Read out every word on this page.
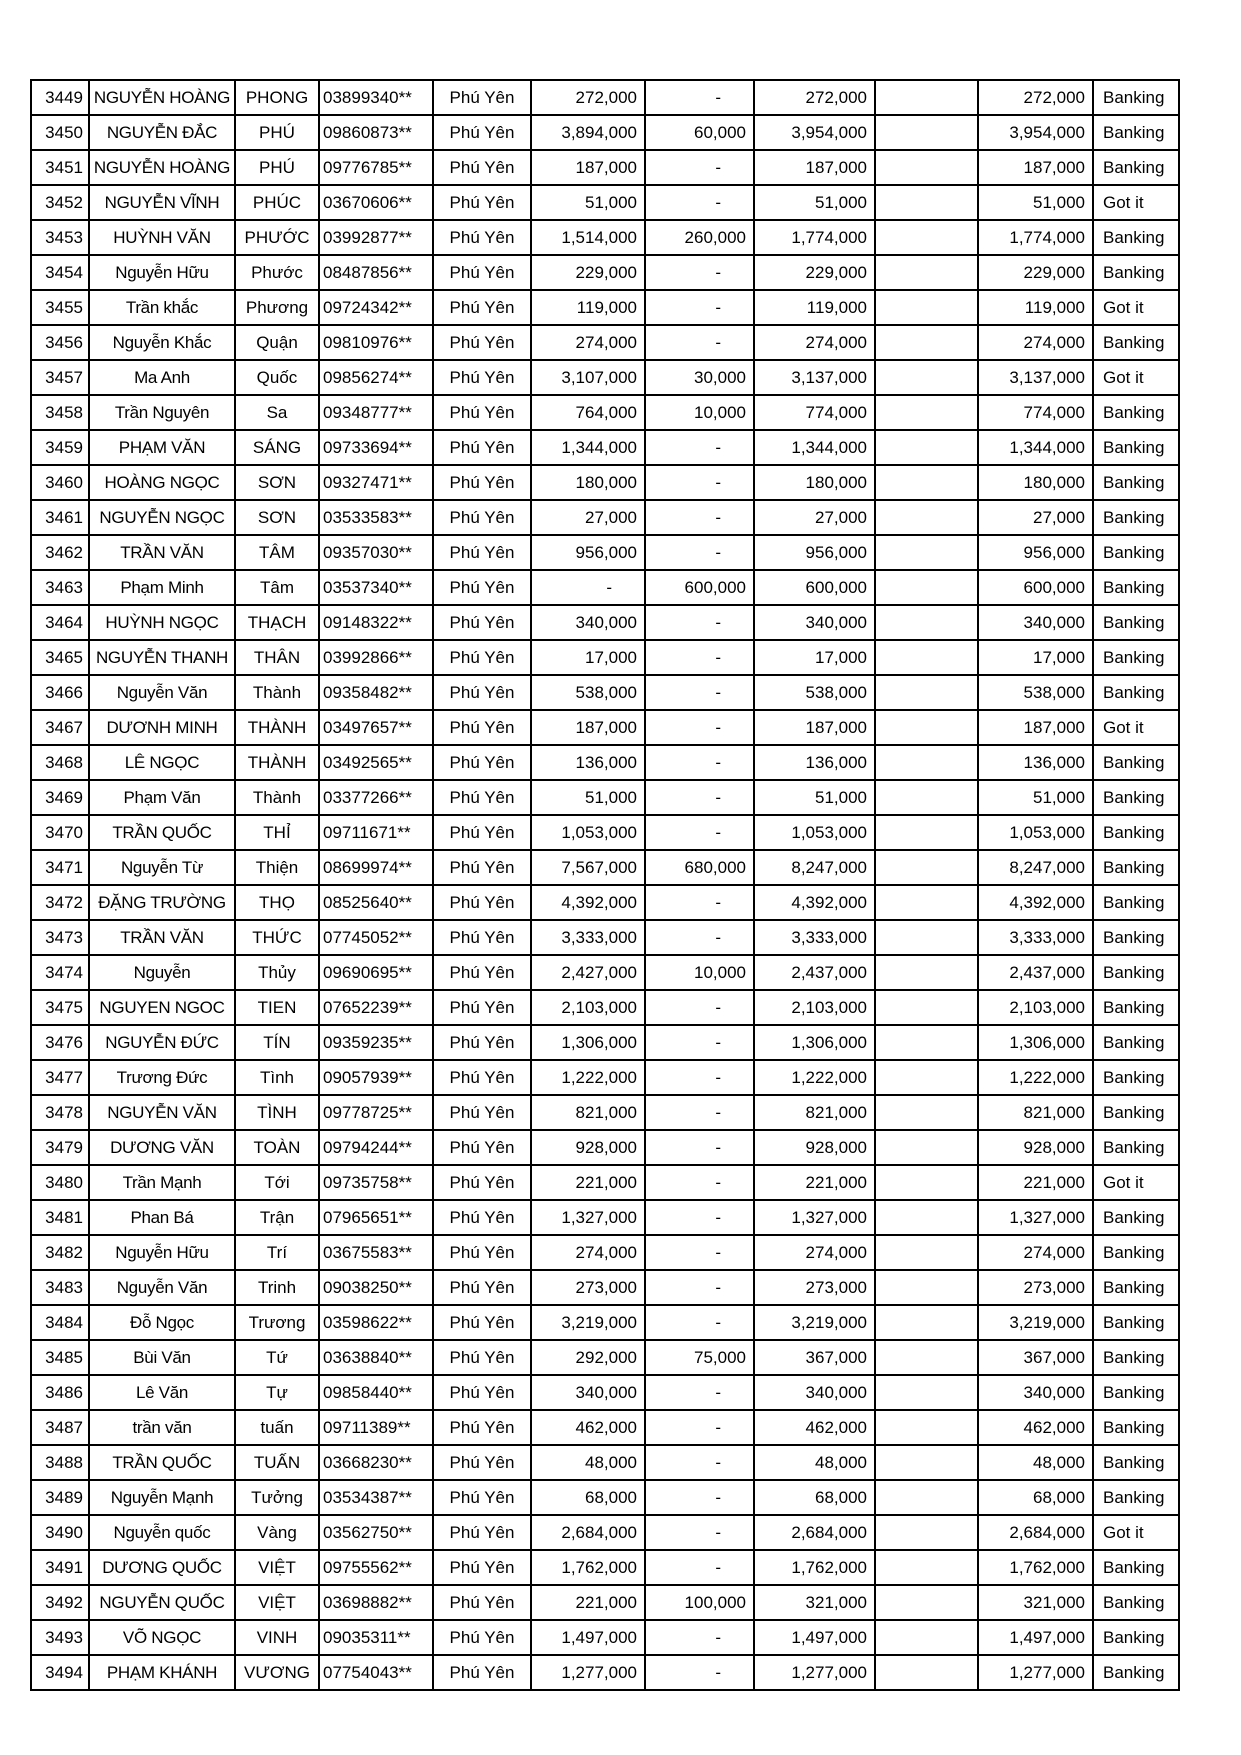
3449	NGUYỄN HOÀNG	PHONG	03899340**	Phú Yên	272,000	-	272,000		272,000	Banking
3450	NGUYỄN ĐẮC	PHÚ	09860873**	Phú Yên	3,894,000	60,000	3,954,000		3,954,000	Banking
3451	NGUYỄN HOÀNG	PHÚ	09776785**	Phú Yên	187,000	-	187,000		187,000	Banking
3452	NGUYỄN VĨNH	PHÚC	03670606**	Phú Yên	51,000	-	51,000		51,000	Got it
3453	HUỲNH VĂN	PHƯỚC	03992877**	Phú Yên	1,514,000	260,000	1,774,000		1,774,000	Banking
3454	Nguyễn Hữu	Phước	08487856**	Phú Yên	229,000	-	229,000		229,000	Banking
3455	Trần khắc	Phương	09724342**	Phú Yên	119,000	-	119,000		119,000	Got it
3456	Nguyễn Khắc	Quận	09810976**	Phú Yên	274,000	-	274,000		274,000	Banking
3457	Ma Anh	Quốc	09856274**	Phú Yên	3,107,000	30,000	3,137,000		3,137,000	Got it
3458	Trần Nguyên	Sa	09348777**	Phú Yên	764,000	10,000	774,000		774,000	Banking
3459	PHẠM VĂN	SÁNG	09733694**	Phú Yên	1,344,000	-	1,344,000		1,344,000	Banking
3460	HOÀNG NGỌC	SƠN	09327471**	Phú Yên	180,000	-	180,000		180,000	Banking
3461	NGUYỄN NGỌC	SƠN	03533583**	Phú Yên	27,000	-	27,000		27,000	Banking
3462	TRẦN VĂN	TÂM	09357030**	Phú Yên	956,000	-	956,000		956,000	Banking
3463	Phạm Minh	Tâm	03537340**	Phú Yên	-	600,000	600,000		600,000	Banking
3464	HUỲNH NGỌC	THẠCH	09148322**	Phú Yên	340,000	-	340,000		340,000	Banking
3465	NGUYỄN THANH	THÂN	03992866**	Phú Yên	17,000	-	17,000		17,000	Banking
3466	Nguyễn Văn	Thành	09358482**	Phú Yên	538,000	-	538,000		538,000	Banking
3467	DƯƠNH MINH	THÀNH	03497657**	Phú Yên	187,000	-	187,000		187,000	Got it
3468	LÊ NGỌC	THÀNH	03492565**	Phú Yên	136,000	-	136,000		136,000	Banking
3469	Phạm Văn	Thành	03377266**	Phú Yên	51,000	-	51,000		51,000	Banking
3470	TRẦN QUỐC	THỈ	09711671**	Phú Yên	1,053,000	-	1,053,000		1,053,000	Banking
3471	Nguyễn Từ	Thiện	08699974**	Phú Yên	7,567,000	680,000	8,247,000		8,247,000	Banking
3472	ĐẶNG TRƯỜNG	THỌ	08525640**	Phú Yên	4,392,000	-	4,392,000		4,392,000	Banking
3473	TRẦN VĂN	THỨC	07745052**	Phú Yên	3,333,000	-	3,333,000		3,333,000	Banking
3474	Nguyễn	Thủy	09690695**	Phú Yên	2,427,000	10,000	2,437,000		2,437,000	Banking
3475	NGUYEN NGOC	TIEN	07652239**	Phú Yên	2,103,000	-	2,103,000		2,103,000	Banking
3476	NGUYỄN ĐỨC	TÍN	09359235**	Phú Yên	1,306,000	-	1,306,000		1,306,000	Banking
3477	Trương Đức	Tình	09057939**	Phú Yên	1,222,000	-	1,222,000		1,222,000	Banking
3478	NGUYỄN VĂN	TÌNH	09778725**	Phú Yên	821,000	-	821,000		821,000	Banking
3479	DƯƠNG VĂN	TOÀN	09794244**	Phú Yên	928,000	-	928,000		928,000	Banking
3480	Trần Mạnh	Tới	09735758**	Phú Yên	221,000	-	221,000		221,000	Got it
3481	Phan Bá	Trận	07965651**	Phú Yên	1,327,000	-	1,327,000		1,327,000	Banking
3482	Nguyễn Hữu	Trí	03675583**	Phú Yên	274,000	-	274,000		274,000	Banking
3483	Nguyễn Văn	Trinh	09038250**	Phú Yên	273,000	-	273,000		273,000	Banking
3484	Đỗ Ngọc	Trương	03598622**	Phú Yên	3,219,000	-	3,219,000		3,219,000	Banking
3485	Bùi Văn	Tứ	03638840**	Phú Yên	292,000	75,000	367,000		367,000	Banking
3486	Lê Văn	Tự	09858440**	Phú Yên	340,000	-	340,000		340,000	Banking
3487	trần văn	tuấn	09711389**	Phú Yên	462,000	-	462,000		462,000	Banking
3488	TRẦN QUỐC	TUẤN	03668230**	Phú Yên	48,000	-	48,000		48,000	Banking
3489	Nguyễn Mạnh	Tưởng	03534387**	Phú Yên	68,000	-	68,000		68,000	Banking
3490	Nguyễn quốc	Vàng	03562750**	Phú Yên	2,684,000	-	2,684,000		2,684,000	Got it
3491	DƯƠNG QUỐC	VIỆT	09755562**	Phú Yên	1,762,000	-	1,762,000		1,762,000	Banking
3492	NGUYỄN QUỐC	VIỆT	03698882**	Phú Yên	221,000	100,000	321,000		321,000	Banking
3493	VÕ NGỌC	VINH	09035311**	Phú Yên	1,497,000	-	1,497,000		1,497,000	Banking
3494	PHẠM KHÁNH	VƯƠNG	07754043**	Phú Yên	1,277,000	-	1,277,000		1,277,000	Banking
